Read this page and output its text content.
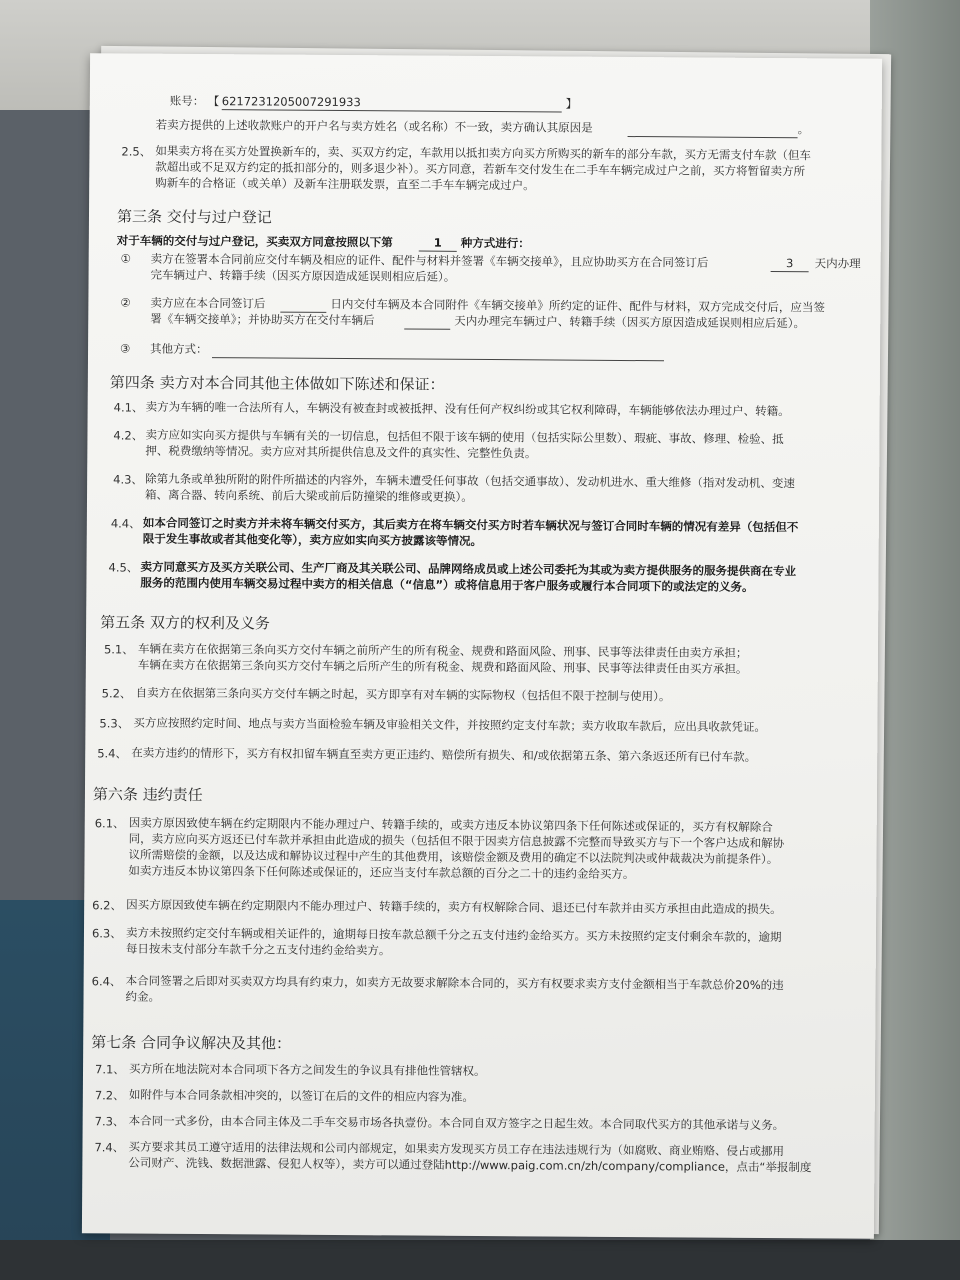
账号： 【 6217231205007291933	】
若卖方提供的上述收款账户的开户名与卖方姓名（或名称）不一致，卖方确认其原因是
	。
2.5、 如果卖方将在买方处置换新车的，卖、买双方约定，车款用以抵扣卖方向买方所购买的新车的部分车款，买方无需支付车款（但车
款超出或不足双方约定的抵扣部分的，则多退少补）。买方同意，若新车交付发生在二手车车辆完成过户之前，买方将暂留卖方所
购新车的合格证（或关单）及新车注册联发票，直至二手车车辆完成过户。
第三条 交付与过户登记
对于车辆的交付与过户登记，买卖双方同意按照以下第	1	种方式进行：
① 卖方在签署本合同前应交付车辆及相应的证件、配件与材料并签署《车辆交接单》，且应协助买方在合同签订后	3	天内办理
完车辆过户、转籍手续（因买方原因造成延误则相应后延）。
② 卖方应在本合同签订后
	日内交付车辆及本合同附件《车辆交接单》所约定的证件、配件与材料，双方完成交付后，应当签
署《车辆交接单》；并协助买方在交付车辆后
	天内办理完车辆过户、转籍手续（因买方原因造成延误则相应后延）。
③ 其他方式：

第四条 卖方对本合同其他主体做如下陈述和保证：
4.1、 卖方为车辆的唯一合法所有人，车辆没有被查封或被抵押、没有任何产权纠纷或其它权利障碍，车辆能够依法办理过户、转籍。
4.2、 卖方应如实向买方提供与车辆有关的一切信息，包括但不限于该车辆的使用（包括实际公里数）、瑕疵、事故、修理、检验、抵
押、税费缴纳等情况。卖方应对其所提供信息及文件的真实性、完整性负责。
4.3、 除第九条或单独所附的附件所描述的内容外，车辆未遭受任何事故（包括交通事故）、发动机进水、重大维修（指对发动机、变速
箱、离合器、转向系统、前后大梁或前后防撞梁的维修或更换）。
4.4、 如本合同签订之时卖方并未将车辆交付买方，其后卖方在将车辆交付买方时若车辆状况与签订合同时车辆的情况有差异（包括但不
限于发生事故或者其他变化等），卖方应如实向买方披露该等情况。
4.5、 卖方同意买方及买方关联公司、生产厂商及其关联公司、品牌网络成员或上述公司委托为其或为卖方提供服务的服务提供商在专业
服务的范围内使用车辆交易过程中卖方的相关信息（“信息”）或将信息用于客户服务或履行本合同项下的或法定的义务。
第五条 双方的权利及义务
5.1、 车辆在卖方在依据第三条向买方交付车辆之前所产生的所有税金、规费和路面风险、刑事、民事等法律责任由卖方承担；
车辆在卖方在依据第三条向买方交付车辆之后所产生的所有税金、规费和路面风险、刑事、民事等法律责任由买方承担。
5.2、 自卖方在依据第三条向买方交付车辆之时起，买方即享有对车辆的实际物权（包括但不限于控制与使用）。
5.3、 买方应按照约定时间、地点与卖方当面检验车辆及审验相关文件，并按照约定支付车款；卖方收取车款后，应出具收款凭证。
5.4、 在卖方违约的情形下，买方有权扣留车辆直至卖方更正违约、赔偿所有损失、和/或依据第五条、第六条返还所有已付车款。
第六条 违约责任
6.1、 因卖方原因致使车辆在约定期限内不能办理过户、转籍手续的，或卖方违反本协议第四条下任何陈述或保证的，买方有权解除合
同，卖方应向买方返还已付车款并承担由此造成的损失（包括但不限于因卖方信息披露不完整而导致买方与下一个客户达成和解协
议所需赔偿的金额，以及达成和解协议过程中产生的其他费用，该赔偿金额及费用的确定不以法院判决或仲裁裁决为前提条件）。
如卖方违反本协议第四条下任何陈述或保证的，还应当支付车款总额的百分之二十的违约金给买方。
6.2、 因买方原因致使车辆在约定期限内不能办理过户、转籍手续的，卖方有权解除合同、退还已付车款并由买方承担由此造成的损失。
6.3、 卖方未按照约定交付车辆或相关证件的，逾期每日按车款总额千分之五支付违约金给买方。买方未按照约定支付剩余车款的，逾期
每日按未支付部分车款千分之五支付违约金给卖方。
6.4、 本合同签署之后即对买卖双方均具有约束力，如卖方无故要求解除本合同的，买方有权要求卖方支付金额相当于车款总价20%的违
约金。
第七条 合同争议解决及其他：
7.1、 买方所在地法院对本合同项下各方之间发生的争议具有排他性管辖权。
7.2、 如附件与本合同条款相冲突的，以签订在后的文件的相应内容为准。
7.3、 本合同一式多份，由本合同主体及二手车交易市场各执壹份。本合同自双方签字之日起生效。本合同取代买方的其他承诺与义务。
7.4、 买方要求其员工遵守适用的法律法规和公司内部规定，如果卖方发现买方员工存在违法违规行为（如腐败、商业贿赂、侵占或挪用
公司财产、洗钱、数据泄露、侵犯人权等），卖方可以通过登陆http://www.paig.com.cn/zh/company/compliance，点击“举报制度
